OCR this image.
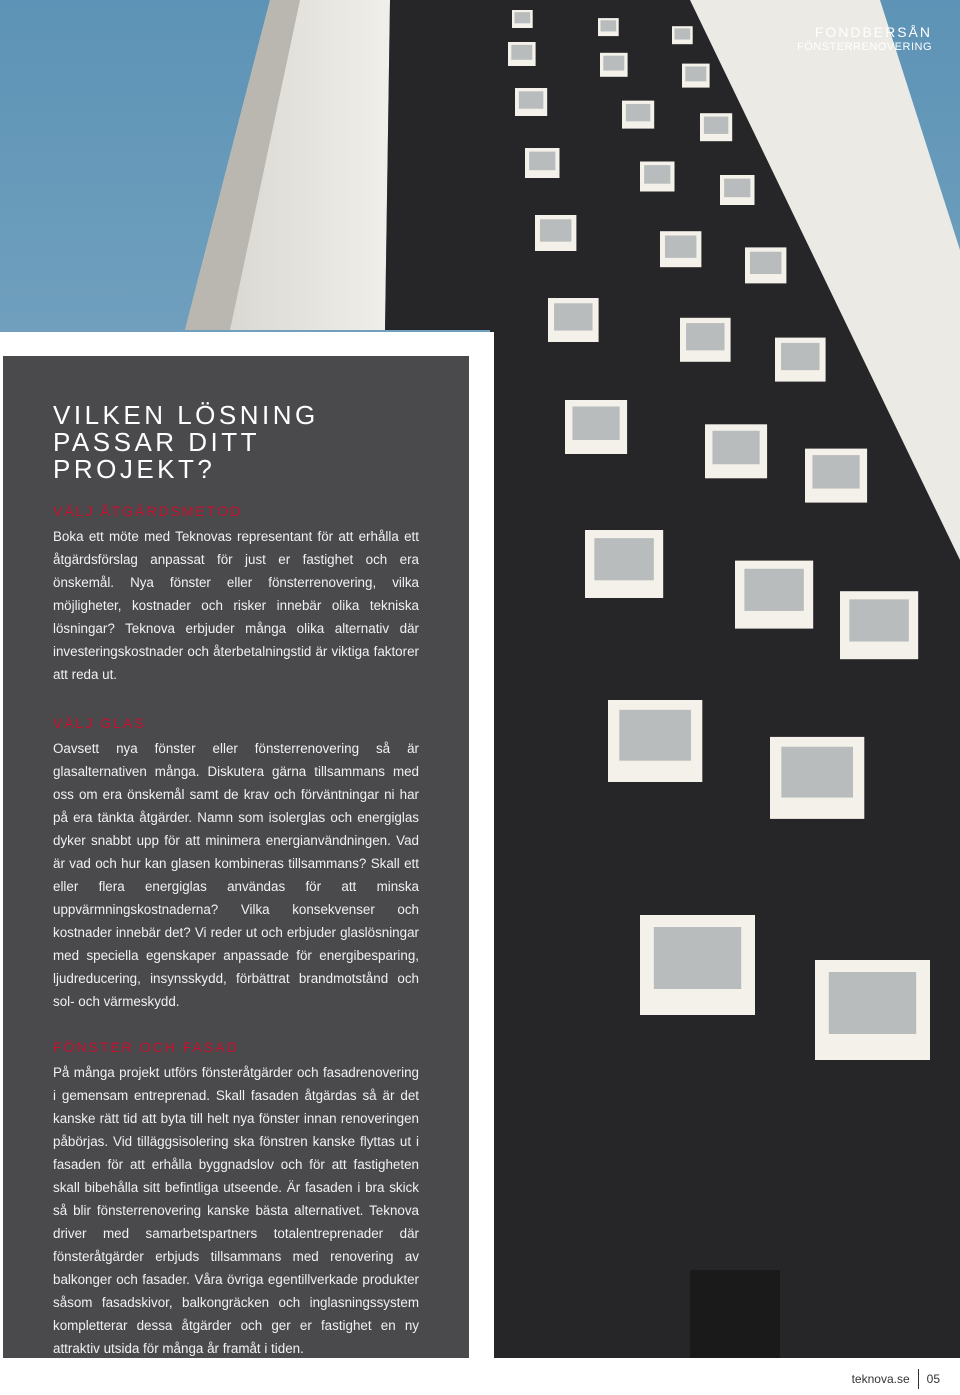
FONDBERSÅN
FÖNSTERRENOVERING
VILKEN LÖSNING
PASSAR DITT
PROJEKT?
VÄLJ ÅTGÄRDSMETOD

Boka ett möte med Teknovas representant för att erhålla ett åtgärdsförslag anpassat för just er fastighet och era önskemål. Nya fönster eller fönsterrenovering, vilka möjligheter, kostnader och risker innebär olika tekniska lösningar? Teknova erbjuder många olika alternativ där investeringskostnader och återbetalningstid är viktiga faktorer att reda ut.

VÄLJ GLAS

Oavsett nya fönster eller fönsterrenovering så är glasalternativen många. Diskutera gärna tillsammans med oss om era önskemål samt de krav och förväntningar ni har på era tänkta åtgärder. Namn som isolerglas och energiglas dyker snabbt upp för att minimera energianvändningen. Vad är vad och hur kan glasen kombineras tillsammans? Skall ett eller flera energiglas användas för att minska uppvärmningskostnaderna? Vilka konsekvenser och kostnader innebär det? Vi reder ut och erbjuder glaslösningar med speciella egenskaper anpassade för energibesparing, ljudreducering, insynsskydd, förbättrat brandmotstånd och sol- och värmeskydd.

FÖNSTER OCH FASAD

På många projekt utförs fönsteråtgärder och fasadrenovering i gemensam entreprenad. Skall fasaden åtgärdas så är det kanske rätt tid att byta till helt nya fönster innan renoveringen påbörjas. Vid tilläggsisolering ska fönstren kanske flyttas ut i fasaden för att erhålla byggnadslov och för att fastigheten skall bibehålla sitt befintliga utseende. Är fasaden i bra skick så blir fönsterrenovering kanske bästa alternativet. Teknova driver med samarbetspartners totalentreprenader där fönsteråtgärder erbjuds tillsammans med renovering av balkonger och fasader. Våra övriga egentillverkade produkter såsom fasadskivor, balkongräcken och inglasningssystem kompletterar dessa åtgärder och ger er fastighet en ny attraktiv utsida för många år framåt i tiden.

teknova.se 05
